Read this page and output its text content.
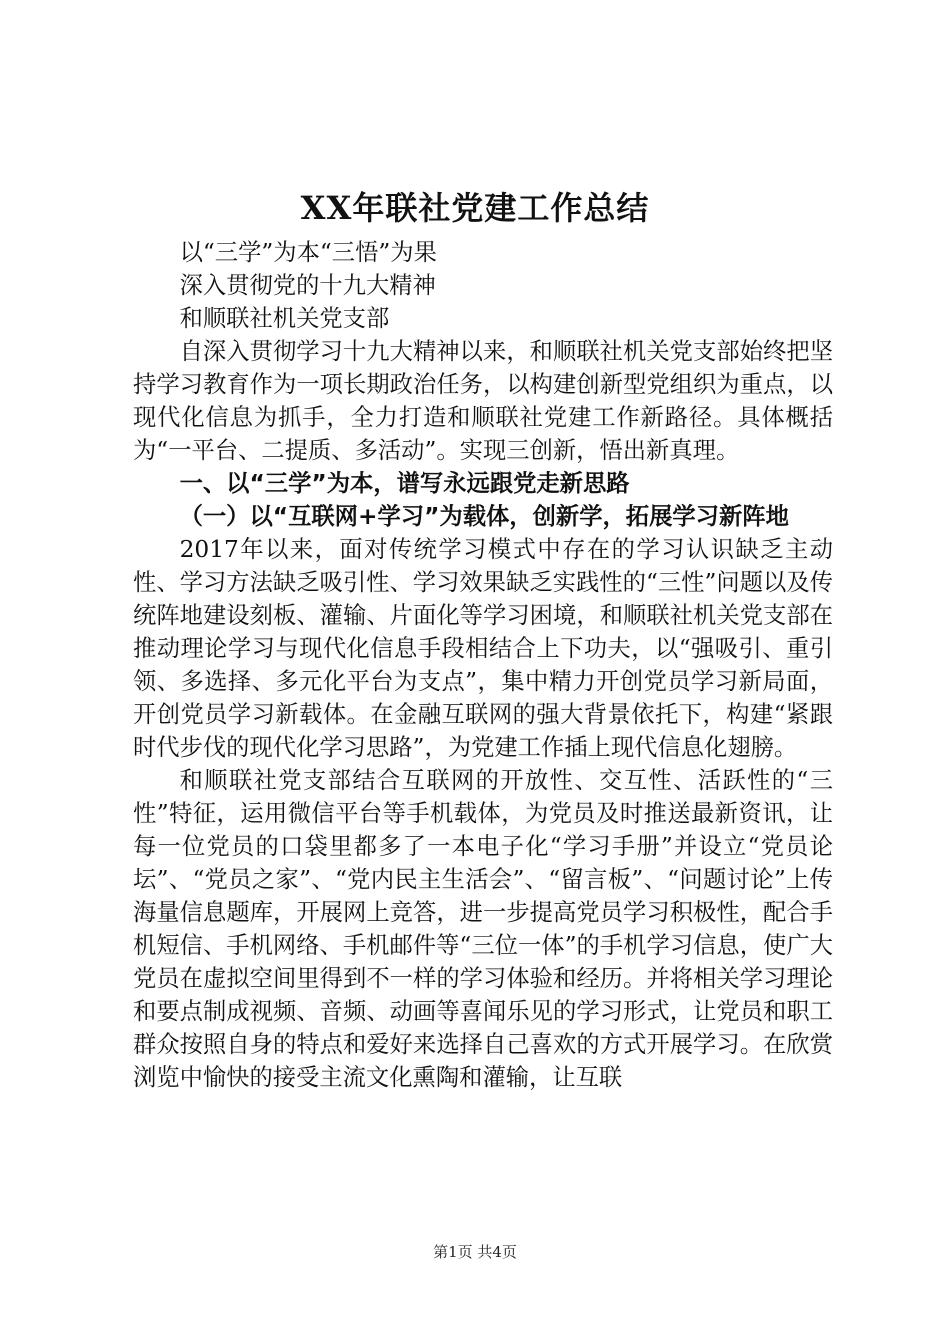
XX年联社党建工作总结

以“三学”为本“三悟”为果

深入贯彻党的十九大精神

和顺联社机关党支部

自深入贯彻学习十九大精神以来，和顺联社机关党支部始终把坚持学习教育作为一项长期政治任务，以构建创新型党组织为重点，以现代化信息为抓手，全力打造和顺联社党建工作新路径。具体概括为“一平台、二提质、多活动”。实现三创新，悟出新真理。

一、以“三学”为本，谱写永远跟党走新思路

（一）以“互联网+学习”为载体，创新学，拓展学习新阵地

2017年以来，面对传统学习模式中存在的学习认识缺乏主动性、学习方法缺乏吸引性、学习效果缺乏实践性的“三性”问题以及传统阵地建设刻板、灌输、片面化等学习困境，和顺联社机关党支部在推动理论学习与现代化信息手段相结合上下功夫，以“强吸引、重引领、多选择、多元化平台为支点”，集中精力开创党员学习新局面，开创党员学习新载体。在金融互联网的强大背景依托下，构建“紧跟时代步伐的现代化学习思路”，为党建工作插上现代信息化翅膀。

和顺联社党支部结合互联网的开放性、交互性、活跃性的“三性”特征，运用微信平台等手机载体，为党员及时推送最新资讯，让每一位党员的口袋里都多了一本电子化“学习手册”并设立“党员论坛”、“党员之家”、“党内民主生活会”、“留言板”、“问题讨论”上传海量信息题库，开展网上竞答，进一步提高党员学习积极性，配合手机短信、手机网络、手机邮件等“三位一体”的手机学习信息，使广大党员在虚拟空间里得到不一样的学习体验和经历。并将相关学习理论和要点制成视频、音频、动画等喜闻乐见的学习形式，让党员和职工群众按照自身的特点和爱好来选择自己喜欢的方式开展学习。在欣赏浏览中愉快的接受主流文化熏陶和灌输，让互联

第1页 共4页
